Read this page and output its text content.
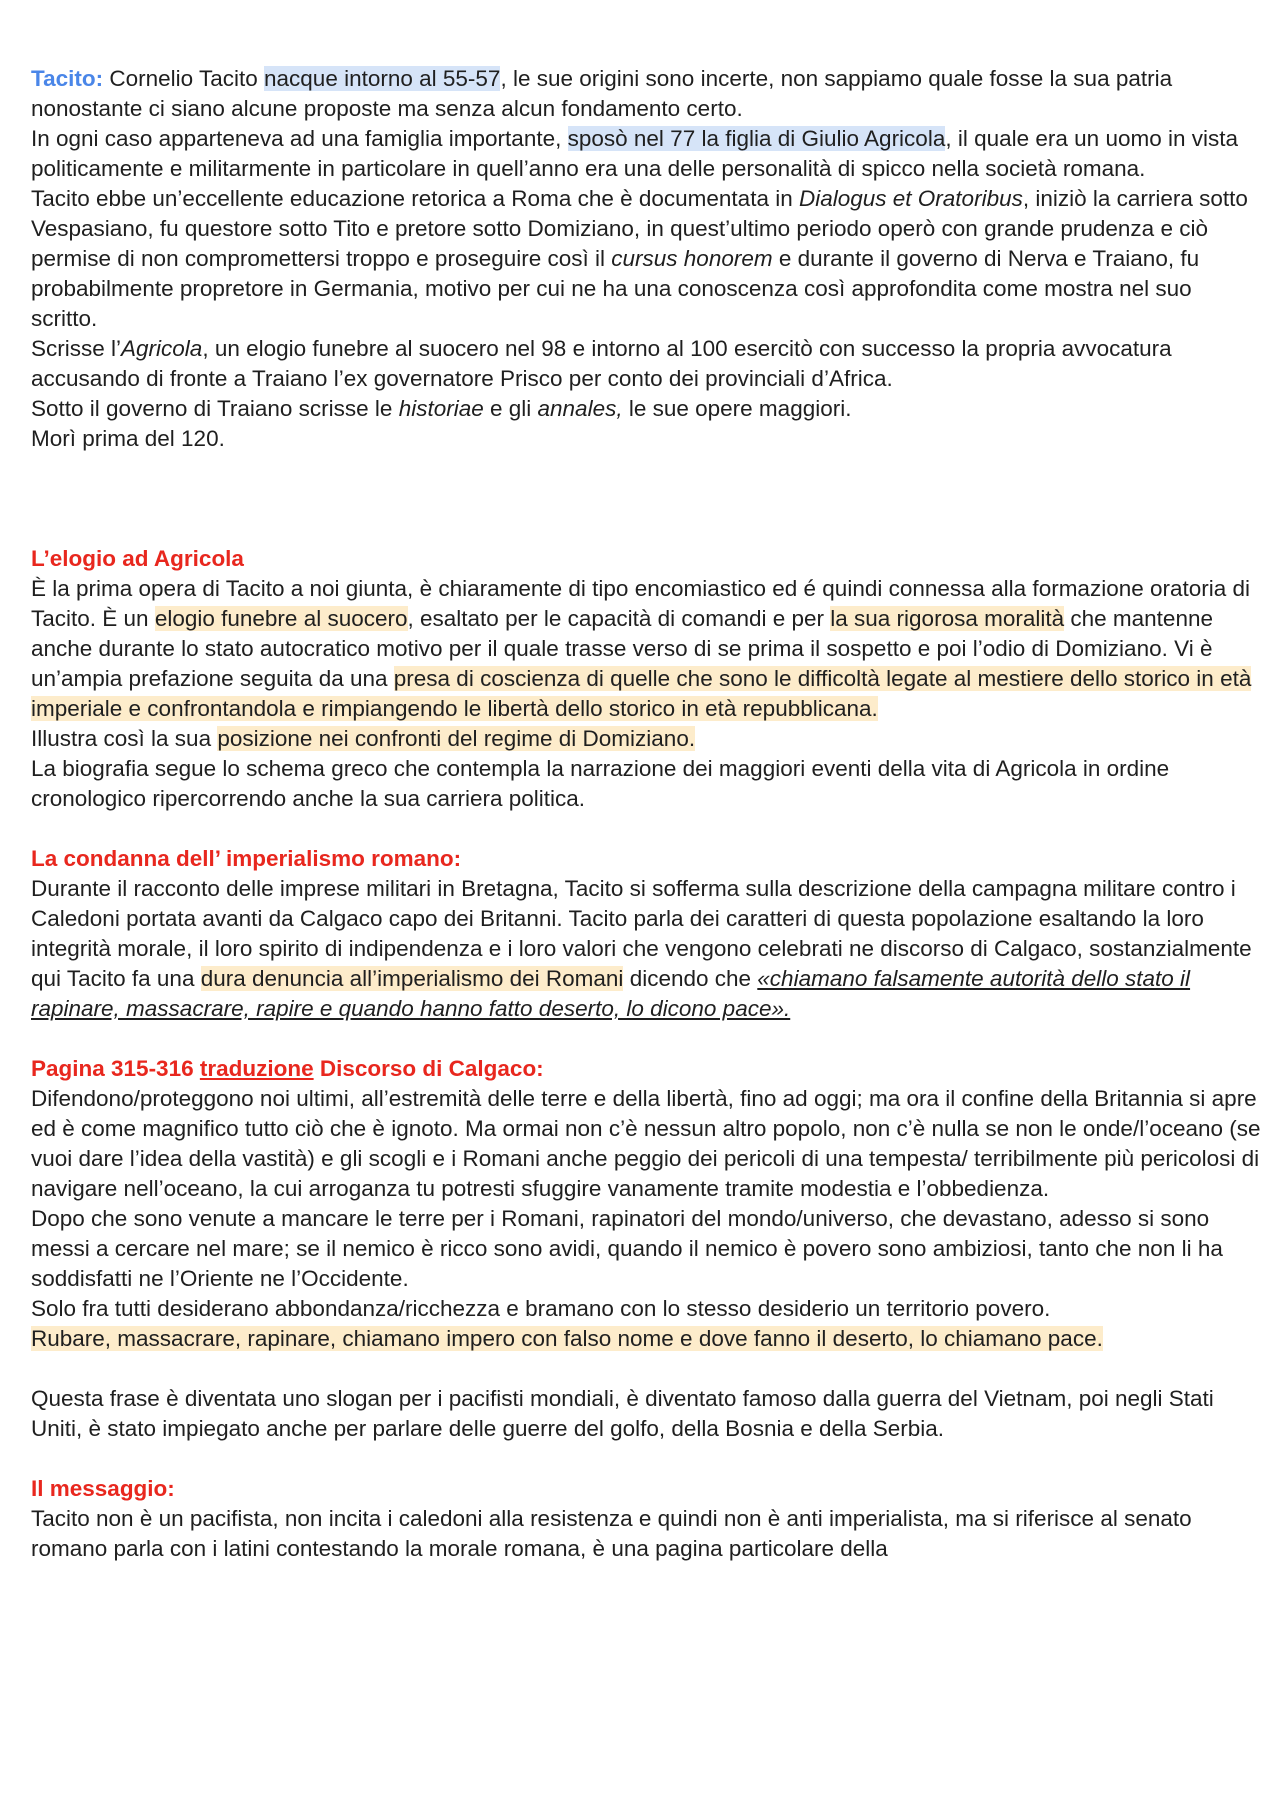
Tacito: Cornelio Tacito nacque intorno al 55-57, le sue origini sono incerte, non sappiamo quale fosse la sua patria nonostante ci siano alcune proposte ma senza alcun fondamento certo.

In ogni caso apparteneva ad una famiglia importante, sposò nel 77 la figlia di Giulio Agricola, il quale era un uomo in vista politicamente e militarmente in particolare in quell’anno era una delle personalità di spicco nella società romana.

Tacito ebbe un’eccellente educazione retorica a Roma che è documentata in Dialogus et Oratoribus, iniziò la carriera sotto Vespasiano, fu questore sotto Tito e pretore sotto Domiziano, in quest’ultimo periodo operò con grande prudenza e ciò permise di non compromettersi troppo e proseguire così il cursus honorem e durante il governo di Nerva e Traiano, fu probabilmente propretore in Germania, motivo per cui ne ha una conoscenza così approfondita come mostra nel suo scritto.

Scrisse l’Agricola, un elogio funebre al suocero nel 98 e intorno al 100 esercitò con successo la propria avvocatura accusando di fronte a Traiano l’ex governatore Prisco per conto dei provinciali d’Africa.

Sotto il governo di Traiano scrisse le historiae e gli annales, le sue opere maggiori.

Morì prima del 120.

L’elogio ad Agricola

È la prima opera di Tacito a noi giunta, è chiaramente di tipo encomiastico ed é quindi connessa alla formazione oratoria di Tacito. È un elogio funebre al suocero, esaltato per le capacità di comandi e per la sua rigorosa moralità che mantenne anche durante lo stato autocratico motivo per il quale trasse verso di se prima il sospetto e poi l’odio di Domiziano. Vi è un’ampia prefazione seguita da una presa di coscienza di quelle che sono le difficoltà legate al mestiere dello storico in età imperiale e confrontandola e rimpiangendo le libertà dello storico in età repubblicana.

Illustra così la sua posizione nei confronti del regime di Domiziano.

La biografia segue lo schema greco che contempla la narrazione dei maggiori eventi della vita di Agricola in ordine cronologico ripercorrendo anche la sua carriera politica.

La condanna dell’ imperialismo romano:

Durante il racconto delle imprese militari in Bretagna, Tacito si sofferma sulla descrizione della campagna militare contro i Caledoni portata avanti da Calgaco capo dei Britanni. Tacito parla dei caratteri di questa popolazione esaltando la loro integrità morale, il loro spirito di indipendenza e i loro valori che vengono celebrati ne discorso di Calgaco, sostanzialmente qui Tacito fa una dura denuncia all’imperialismo dei Romani dicendo che «chiamano falsamente autorità dello stato il rapinare, massacrare, rapire e quando hanno fatto deserto, lo dicono pace».

Pagina 315-316 traduzione Discorso di Calgaco:

Difendono/proteggono noi ultimi, all’estremità delle terre e della libertà, fino ad oggi; ma ora il confine della Britannia si apre ed è come magnifico tutto ciò che è ignoto. Ma ormai non c’è nessun altro popolo, non c’è nulla se non le onde/l’oceano (se vuoi dare l’idea della vastità) e gli scogli e i Romani anche peggio dei pericoli di una tempesta/ terribilmente più pericolosi di navigare nell’oceano, la cui arroganza tu potresti sfuggire vanamente tramite modestia e l’obbedienza.

Dopo che sono venute a mancare le terre per i Romani, rapinatori del mondo/universo, che devastano, adesso si sono messi a cercare nel mare; se il nemico è ricco sono avidi, quando il nemico è povero sono ambiziosi, tanto che non li ha soddisfatti ne l’Oriente ne l’Occidente.

Solo fra tutti desiderano abbondanza/ricchezza e bramano con lo stesso desiderio un territorio povero.

Rubare, massacrare, rapinare, chiamano impero con falso nome e dove fanno il deserto, lo chiamano pace.

Questa frase è diventata uno slogan per i pacifisti mondiali, è diventato famoso dalla guerra del Vietnam, poi negli Stati Uniti, è stato impiegato anche per parlare delle guerre del golfo, della Bosnia e della Serbia.

Il messaggio:

Tacito non è un pacifista, non incita i caledoni alla resistenza e quindi non è anti imperialista, ma si riferisce al senato romano parla con i latini contestando la morale romana, è una pagina particolare della
